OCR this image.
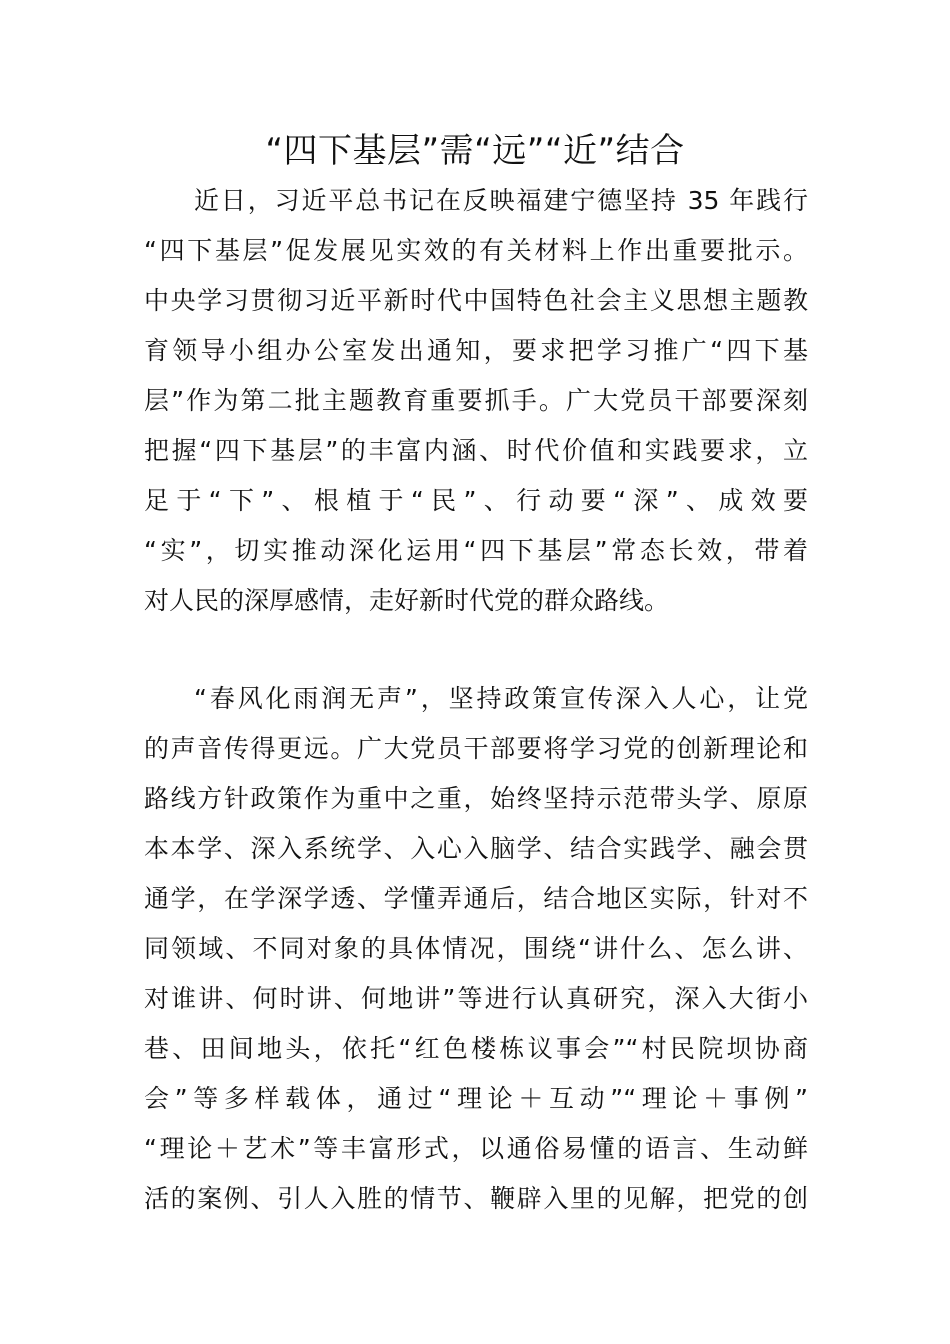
“四下基层”需“远”“近”结合
近日，习近平总书记在反映福建宁德坚持 35 年践行
“四下基层”促发展见实效的有关材料上作出重要批示。
中央学习贯彻习近平新时代中国特色社会主义思想主题教
育领导小组办公室发出通知，要求把学习推广“四下基
层”作为第二批主题教育重要抓手。广大党员干部要深刻
把握“四下基层”的丰富内涵、时代价值和实践要求，立
足于“下”、根植于“民”、行动要“深”、成效要
“实”，切实推动深化运用“四下基层”常态长效，带着
对人民的深厚感情，走好新时代党的群众路线。
“春风化雨润无声”，坚持政策宣传深入人心，让党
的声音传得更远。广大党员干部要将学习党的创新理论和
路线方针政策作为重中之重，始终坚持示范带头学、原原
本本学、深入系统学、入心入脑学、结合实践学、融会贯
通学，在学深学透、学懂弄通后，结合地区实际，针对不
同领域、不同对象的具体情况，围绕“讲什么、怎么讲、
对谁讲、何时讲、何地讲”等进行认真研究，深入大街小
巷、田间地头，依托“红色楼栋议事会”“村民院坝协商
会”等多样载体，通过“理论＋互动”“理论＋事例”
“理论＋艺术”等丰富形式，以通俗易懂的语言、生动鲜
活的案例、引人入胜的情节、鞭辟入里的见解，把党的创
